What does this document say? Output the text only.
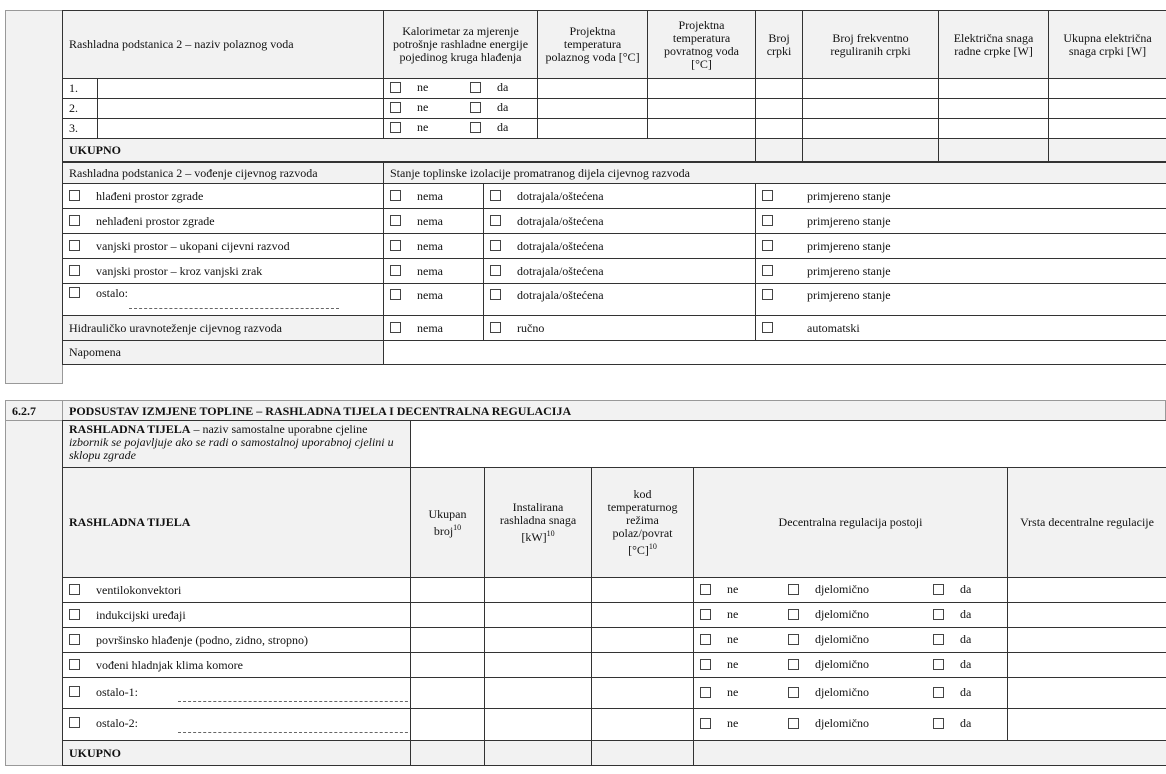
Rashladna podstanica 2 – naziv polaznog voda		Kalorimetar za mjerenje potrošnje rashladne energije pojedinog kruga hlađenja	Projektna temperatura polaznog voda [°C]	Projektna temperatura povratnog voda [°C]	Broj crpki	Broj frekventno reguliranih crpki	Električna snaga radne crpke [W]	Ukupna električna snaga crpki [W]
1.		ne da						

2.		ne da						

3.		ne da						

UKUPNO								
Rashladna podstanica 2 – vođenje cijevnog razvoda	Stanje toplinske izolacije promatranog dijela cijevnog razvoda		
hlađeni prostor zgrade	nema	dotrajala/oštećena	primjereno stanje
nehlađeni prostor zgrade	nema	dotrajala/oštećena	primjereno stanje
vanjski prostor – ukopani cijevni razvod	nema	dotrajala/oštećena	primjereno stanje
vanjski prostor – kroz vanjski zrak	nema	dotrajala/oštećena	primjereno stanje
ostalo:	nema	dotrajala/oštećena	primjereno stanje
Hidrauličko uravnoteženje cijevnog razvoda	nema	ručno	automatski
Napomena			
6.2.7	PODSUSTAV IZMJENE TOPLINE – RASHLADNA TIJELA I DECENTRALNA REGULACIJA
RASHLADNA TIJELA – naziv samostalne uporabne cjeline
izbornik se pojavljuje ako se radi o samostalnoj uporabnoj cjelini u sklopu zgrade					
RASHLADNA TIJELA	Ukupan broj$^{10}$	Instalirana rashladna snaga [kW]$^{10}$	kod temperaturnog režima polaz/povrat $[^\circ C]^{10}$	Decentralna regulacija postoji	Vrsta decentralne regulacije
ventilokonvektori				ne djelomično da	

indukcijski uređaji				ne djelomično da	

površinsko hlađenje (podno, zidno, stropno)				ne djelomično da	

vođeni hladnjak klima komore				ne djelomično da	

ostalo-1:				ne djelomično da	

ostalo-2:				ne djelomično da	

UKUPNO					
